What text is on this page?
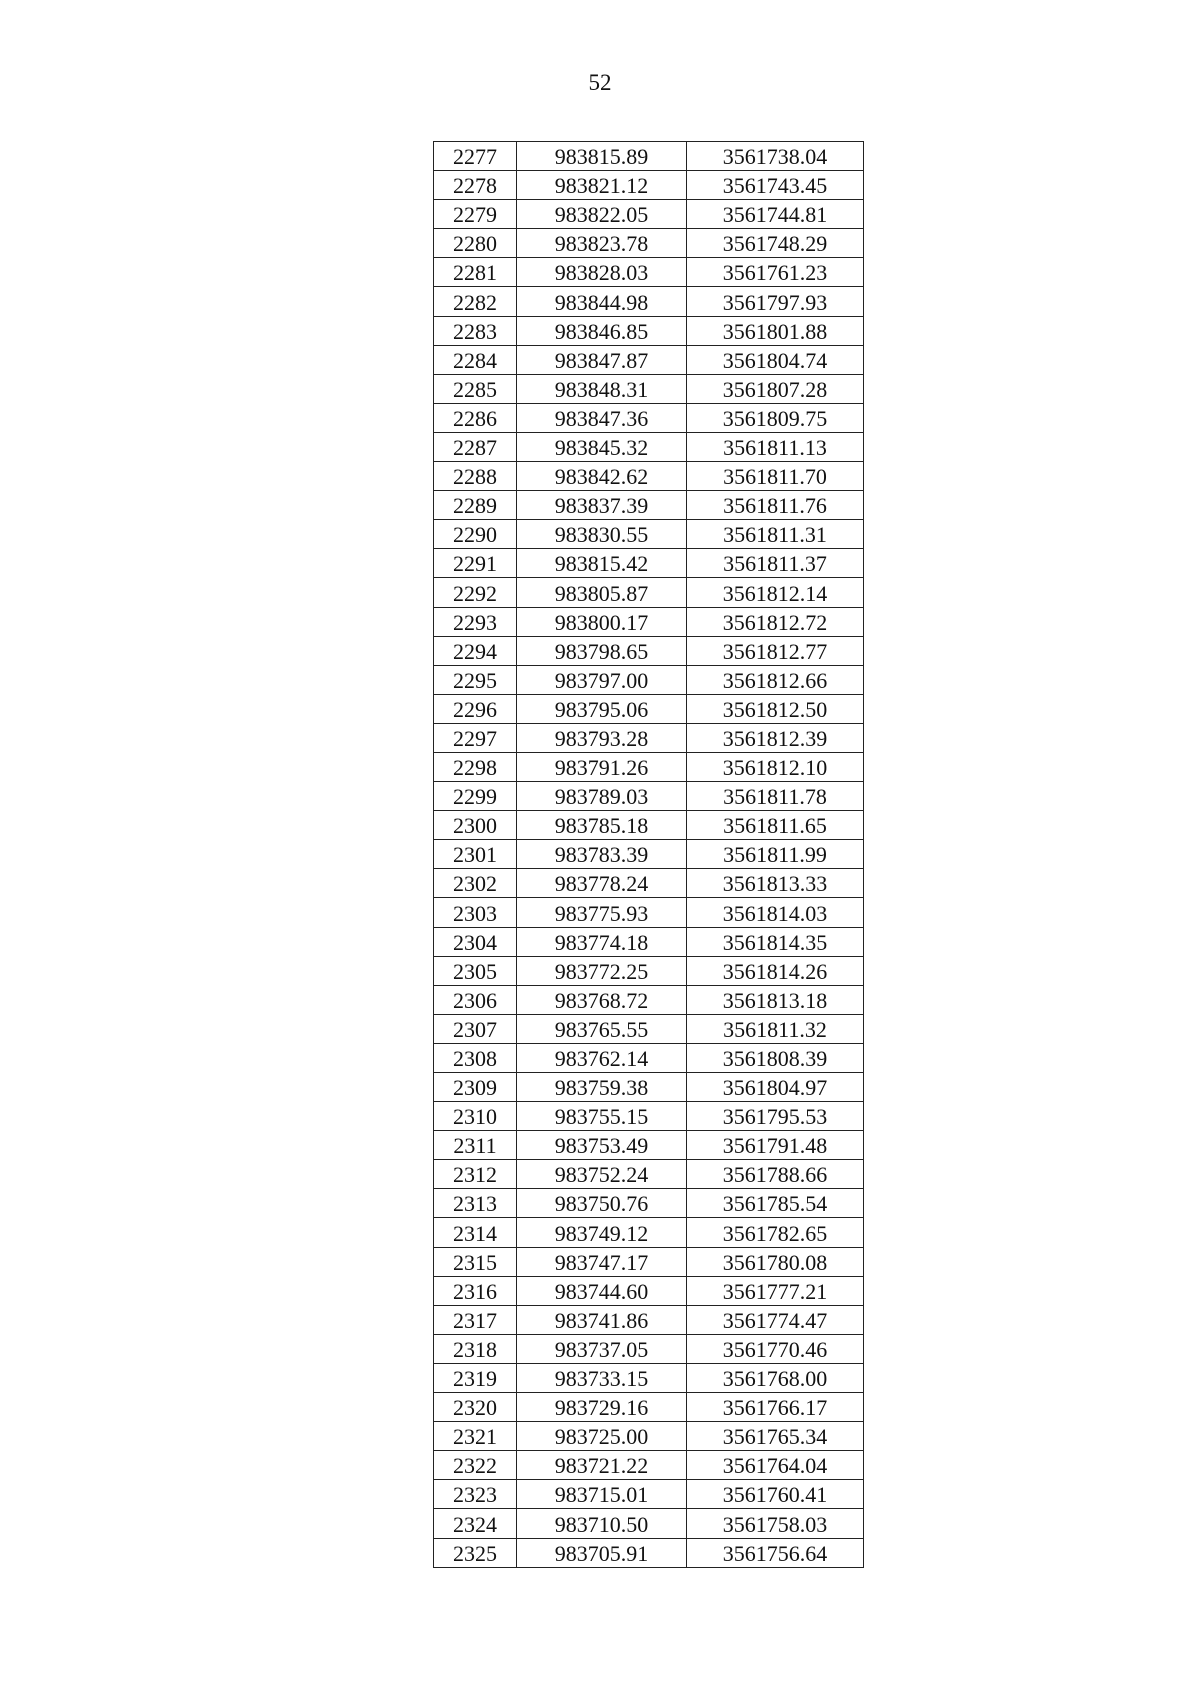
52
2277	983815.89	3561738.04
2278	983821.12	3561743.45
2279	983822.05	3561744.81
2280	983823.78	3561748.29
2281	983828.03	3561761.23
2282	983844.98	3561797.93
2283	983846.85	3561801.88
2284	983847.87	3561804.74
2285	983848.31	3561807.28
2286	983847.36	3561809.75
2287	983845.32	3561811.13
2288	983842.62	3561811.70
2289	983837.39	3561811.76
2290	983830.55	3561811.31
2291	983815.42	3561811.37
2292	983805.87	3561812.14
2293	983800.17	3561812.72
2294	983798.65	3561812.77
2295	983797.00	3561812.66
2296	983795.06	3561812.50
2297	983793.28	3561812.39
2298	983791.26	3561812.10
2299	983789.03	3561811.78
2300	983785.18	3561811.65
2301	983783.39	3561811.99
2302	983778.24	3561813.33
2303	983775.93	3561814.03
2304	983774.18	3561814.35
2305	983772.25	3561814.26
2306	983768.72	3561813.18
2307	983765.55	3561811.32
2308	983762.14	3561808.39
2309	983759.38	3561804.97
2310	983755.15	3561795.53
2311	983753.49	3561791.48
2312	983752.24	3561788.66
2313	983750.76	3561785.54
2314	983749.12	3561782.65
2315	983747.17	3561780.08
2316	983744.60	3561777.21
2317	983741.86	3561774.47
2318	983737.05	3561770.46
2319	983733.15	3561768.00
2320	983729.16	3561766.17
2321	983725.00	3561765.34
2322	983721.22	3561764.04
2323	983715.01	3561760.41
2324	983710.50	3561758.03
2325	983705.91	3561756.64
